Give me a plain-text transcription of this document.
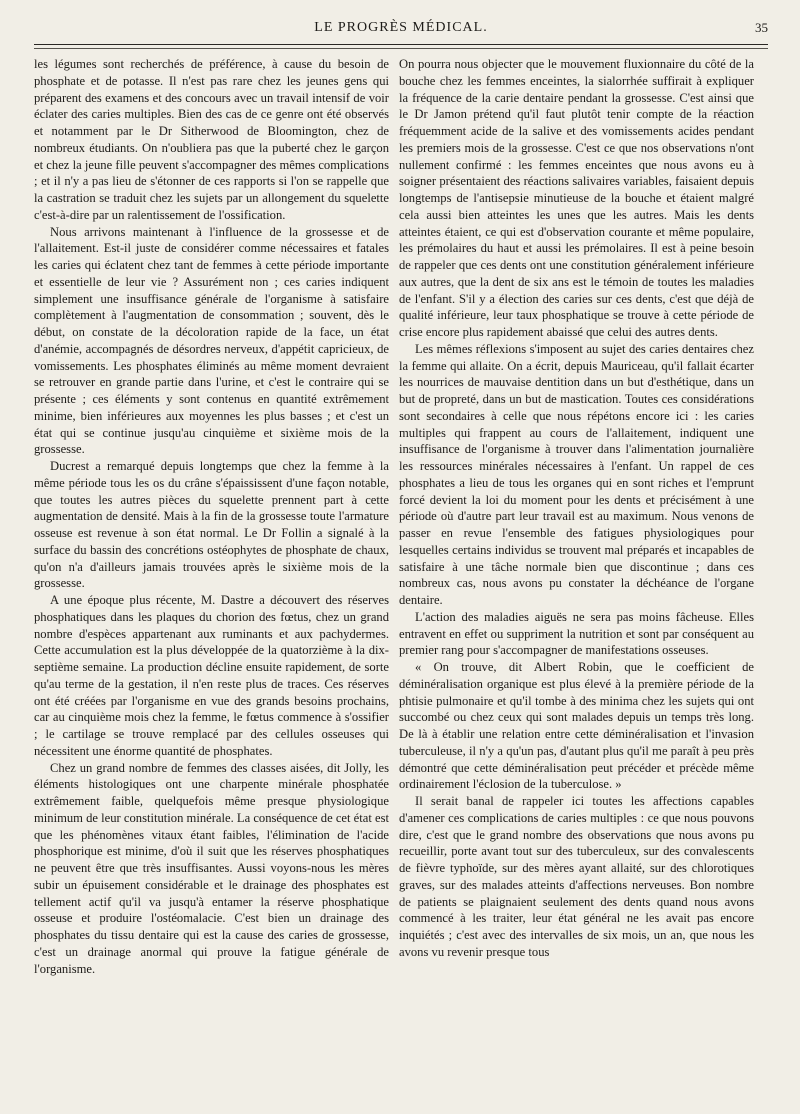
LE PROGRÈS MÉDICAL.	35

les légumes sont recherchés de préférence, à cause du besoin de phosphate et de potasse. Il n'est pas rare chez les jeunes gens qui préparent des examens et des concours avec un travail intensif de voir éclater des caries multiples. Bien des cas de ce genre ont été observés et notamment par le Dr Sitherwood de Bloomington, chez de nombreux étudiants. On n'oubliera pas que la puberté chez le garçon et chez la jeune fille peuvent s'accompagner des mêmes complications ; et il n'y a pas lieu de s'étonner de ces rapports si l'on se rappelle que la castration se traduit chez les sujets par un allongement du squelette c'est-à-dire par un ralentissement de l'ossification.

Nous arrivons maintenant à l'influence de la grossesse et de l'allaitement. Est-il juste de considérer comme nécessaires et fatales les caries qui éclatent chez tant de femmes à cette période importante et essentielle de leur vie ? Assurément non ; ces caries indiquent simplement une insuffisance générale de l'organisme à satisfaire complètement à l'augmentation de consommation ; souvent, dès le début, on constate de la décoloration rapide de la face, un état d'anémie, accompagnés de désordres nerveux, d'appétit capricieux, de vomissements. Les phosphates éliminés au même moment devraient se retrouver en grande partie dans l'urine, et c'est le contraire qui se présente ; ces éléments y sont contenus en quantité extrêmement minime, bien inférieures aux moyennes les plus basses ; et c'est un état qui se continue jusqu'au cinquième et sixième mois de la grossesse.

Ducrest a remarqué depuis longtemps que chez la femme à la même période tous les os du crâne s'épaississent d'une façon notable, que toutes les autres pièces du squelette prennent part à cette augmentation de densité. Mais à la fin de la grossesse toute l'armature osseuse est revenue à son état normal. Le Dr Follin a signalé à la surface du bassin des concrétions ostéophytes de phosphate de chaux, qu'on n'a d'ailleurs jamais trouvées après le sixième mois de la grossesse.

A une époque plus récente, M. Dastre a découvert des réserves phosphatiques dans les plaques du chorion des fœtus, chez un grand nombre d'espèces appartenant aux ruminants et aux pachydermes. Cette accumulation est la plus développée de la quatorzième à la dix-septième semaine. La production décline ensuite rapidement, de sorte qu'au terme de la gestation, il n'en reste plus de traces. Ces réserves ont été créées par l'organisme en vue des grands besoins prochains, car au cinquième mois chez la femme, le fœtus commence à s'ossifier ; le cartilage se trouve remplacé par des cellules osseuses qui nécessitent une énorme quantité de phosphates.

Chez un grand nombre de femmes des classes aisées, dit Jolly, les éléments histologiques ont une charpente minérale phosphatée extrêmement faible, quelquefois même presque physiologique minimum de leur constitution minérale. La conséquence de cet état est que les phénomènes vitaux étant faibles, l'élimination de l'acide phosphorique est minime, d'où il suit que les réserves phosphatiques ne peuvent être que très insuffisantes. Aussi voyons-nous les mères subir un épuisement considérable et le drainage des phosphates est tellement actif qu'il va jusqu'à entamer la réserve phosphatique osseuse et produire l'ostéomalacie. C'est bien un drainage des phosphates du tissu dentaire qui est la cause des caries de grossesse, c'est un drainage anormal qui prouve la fatigue générale de l'organisme.

On pourra nous objecter que le mouvement fluxionnaire du côté de la bouche chez les femmes enceintes, la sialorrhée suffirait à expliquer la fréquence de la carie dentaire pendant la grossesse. C'est ainsi que le Dr Jamon prétend qu'il faut plutôt tenir compte de la réaction fréquemment acide de la salive et des vomissements acides pendant les premiers mois de la grossesse. C'est ce que nos observations n'ont nullement confirmé : les femmes enceintes que nous avons eu à soigner présentaient des réactions salivaires variables, faisaient depuis longtemps de l'antisepsie minutieuse de la bouche et étaient malgré cela aussi bien atteintes les unes que les autres. Mais les dents atteintes étaient, ce qui est d'observation courante et même populaire, les prémolaires du haut et aussi les prémolaires. Il est à peine besoin de rappeler que ces dents ont une constitution généralement inférieure aux autres, que la dent de six ans est le témoin de toutes les maladies de l'enfant. S'il y a élection des caries sur ces dents, c'est que déjà de qualité inférieure, leur taux phosphatique se trouve à cette période de crise encore plus rapidement abaissé que celui des autres dents.

Les mêmes réflexions s'imposent au sujet des caries dentaires chez la femme qui allaite. On a écrit, depuis Mauriceau, qu'il fallait écarter les nourrices de mauvaise dentition dans un but d'esthétique, dans un but de propreté, dans un but de mastication. Toutes ces considérations sont secondaires à celle que nous répétons encore ici : les caries multiples qui frappent au cours de l'allaitement, indiquent une insuffisance de l'organisme à trouver dans l'alimentation journalière les ressources minérales nécessaires à l'enfant. Un rappel de ces phosphates a lieu de tous les organes qui en sont riches et l'emprunt forcé devient la loi du moment pour les dents et précisément à une période où d'autre part leur travail est au maximum. Nous venons de passer en revue l'ensemble des fatigues physiologiques pour lesquelles certains individus se trouvent mal préparés et incapables de satisfaire à une tâche normale bien que discontinue ; dans ces nombreux cas, nous avons pu constater la déchéance de l'organe dentaire.

L'action des maladies aiguës ne sera pas moins fâcheuse. Elles entravent en effet ou suppriment la nutrition et sont par conséquent au premier rang pour s'accompagner de manifestations osseuses.

« On trouve, dit Albert Robin, que le coefficient de déminéralisation organique est plus élevé à la première période de la phtisie pulmonaire et qu'il tombe à des minima chez les sujets qui ont succombé ou chez ceux qui sont malades depuis un temps très long. De là à établir une relation entre cette déminéralisation et l'invasion tuberculeuse, il n'y a qu'un pas, d'autant plus qu'il me paraît à peu près démontré que cette déminéralisation peut précéder et précède même ordinairement l'éclosion de la tuberculose. »

Il serait banal de rappeler ici toutes les affections capables d'amener ces complications de caries multiples : ce que nous pouvons dire, c'est que le grand nombre des observations que nous avons pu recueillir, porte avant tout sur des tuberculeux, sur des convalescents de fièvre typhoïde, sur des mères ayant allaité, sur des chlorotiques graves, sur des malades atteints d'affections nerveuses. Bon nombre de patients se plaignaient seulement des dents quand nous avons commencé à les traiter, leur état général ne les avait pas encore inquiétés ; c'est avec des intervalles de six mois, un an, que nous les avons vu revenir presque tous
